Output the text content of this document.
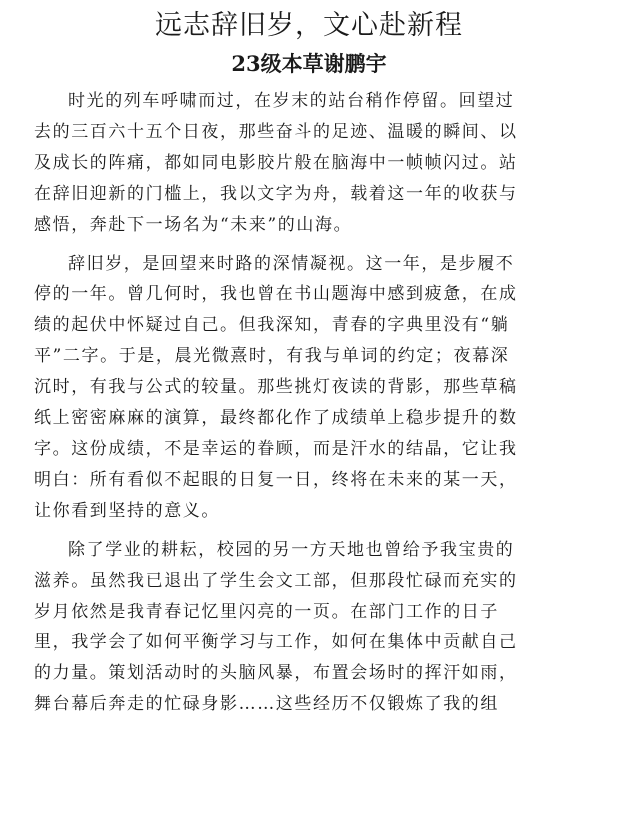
远志辞旧岁，文心赴新程
23级本草谢鹏宇

时光的列车呼啸而过，在岁末的站台稍作停留。回望过
去的三百六十五个日夜，那些奋斗的足迹、温暖的瞬间、以
及成长的阵痛，都如同电影胶片般在脑海中一帧帧闪过。站
在辞旧迎新的门槛上，我以文字为舟，载着这一年的收获与
感悟，奔赴下一场名为“未来”的山海。

辞旧岁，是回望来时路的深情凝视。这一年，是步履不
停的一年。曾几何时，我也曾在书山题海中感到疲惫，在成
绩的起伏中怀疑过自己。但我深知，青春的字典里没有“躺
平”二字。于是，晨光微熹时，有我与单词的约定；夜幕深
沉时，有我与公式的较量。那些挑灯夜读的背影，那些草稿
纸上密密麻麻的演算，最终都化作了成绩单上稳步提升的数
字。这份成绩，不是幸运的眷顾，而是汗水的结晶，它让我
明白：所有看似不起眼的日复一日，终将在未来的某一天，
让你看到坚持的意义。

除了学业的耕耘，校园的另一方天地也曾给予我宝贵的
滋养。虽然我已退出了学生会文工部，但那段忙碌而充实的
岁月依然是我青春记忆里闪亮的一页。在部门工作的日子
里，我学会了如何平衡学习与工作，如何在集体中贡献自己
的力量。策划活动时的头脑风暴，布置会场时的挥汗如雨，
舞台幕后奔走的忙碌身影……这些经历不仅锻炼了我的组
